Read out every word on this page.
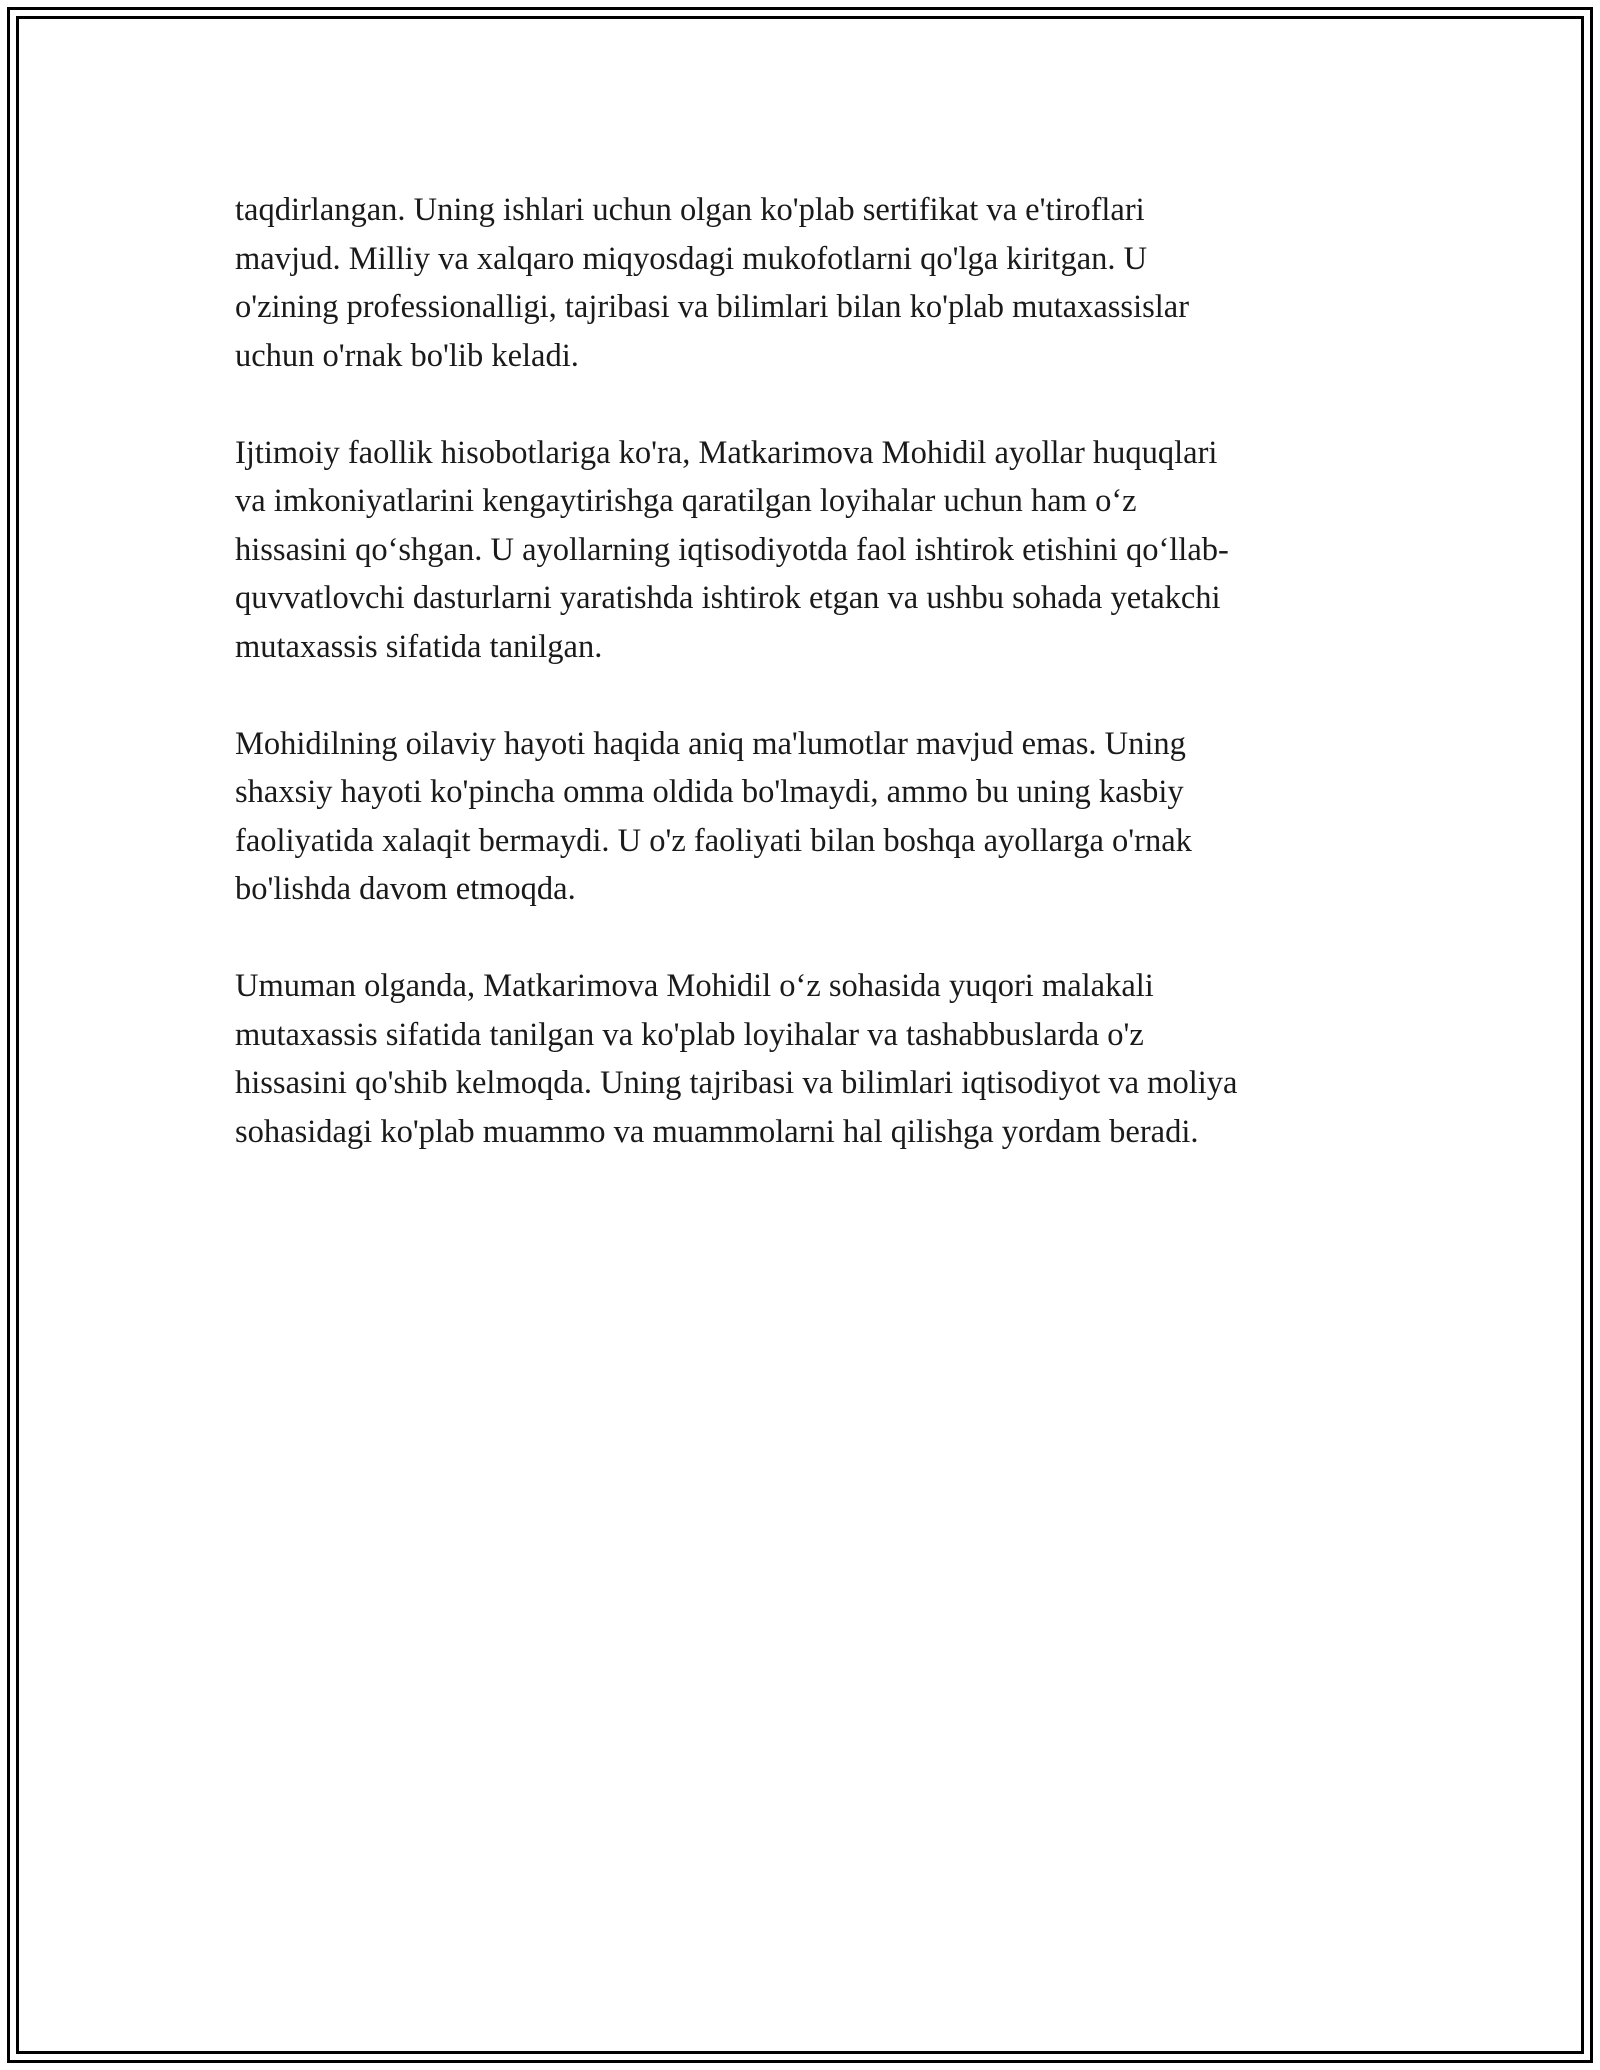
taqdirlangan. Uning ishlari uchun olgan ko'plab sertifikat va e'tiroflari
mavjud. Milliy va xalqaro miqyosdagi mukofotlarni qo'lga kiritgan. U
o'zining professionalligi, tajribasi va bilimlari bilan ko'plab mutaxassislar
uchun o'rnak bo'lib keladi.

Ijtimoiy faollik hisobotlariga ko'ra, Matkarimova Mohidil ayollar huquqlari
va imkoniyatlarini kengaytirishga qaratilgan loyihalar uchun ham o‘z
hissasini qo‘shgan. U ayollarning iqtisodiyotda faol ishtirok etishini qo‘llab-
quvvatlovchi dasturlarni yaratishda ishtirok etgan va ushbu sohada yetakchi
mutaxassis sifatida tanilgan.

Mohidilning oilaviy hayoti haqida aniq ma'lumotlar mavjud emas. Uning
shaxsiy hayoti ko'pincha omma oldida bo'lmaydi, ammo bu uning kasbiy
faoliyatida xalaqit bermaydi. U o'z faoliyati bilan boshqa ayollarga o'rnak
bo'lishda davom etmoqda.

Umuman olganda, Matkarimova Mohidil o‘z sohasida yuqori malakali
mutaxassis sifatida tanilgan va ko'plab loyihalar va tashabbuslarda o'z
hissasini qo'shib kelmoqda. Uning tajribasi va bilimlari iqtisodiyot va moliya
sohasidagi ko'plab muammo va muammolarni hal qilishga yordam beradi.
